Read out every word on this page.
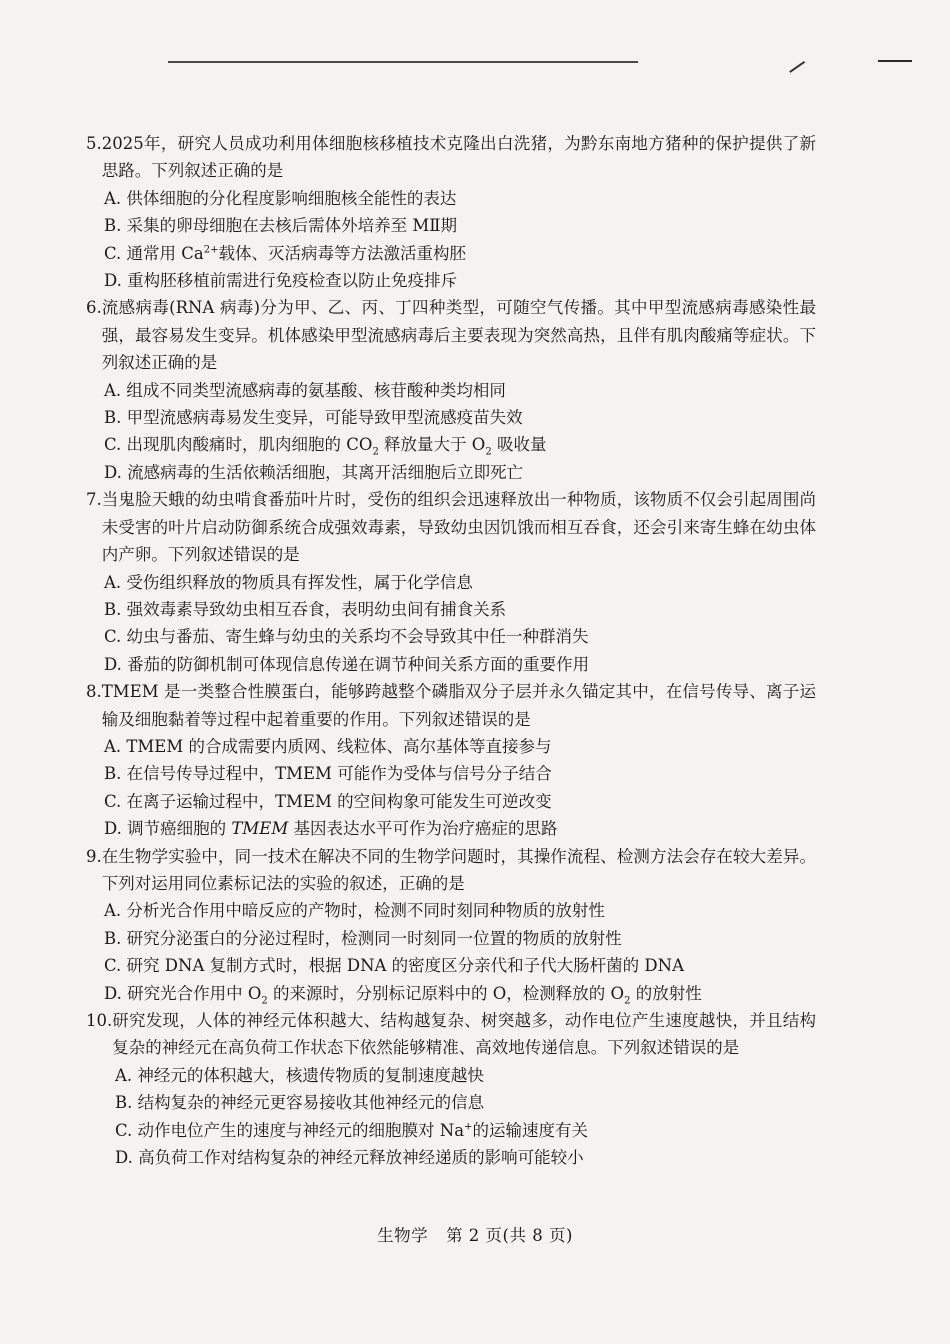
5. 2025年，研究人员成功利用体细胞核移植技术克隆出白洗猪，为黔东南地方猪种的保护提供了新思路。下列叙述正确的是
A. 供体细胞的分化程度影响细胞核全能性的表达
B. 采集的卵母细胞在去核后需体外培养至 MⅡ期
C. 通常用 $Ca^{2+}$载体、灭活病毒等方法激活重构胚
D. 重构胚移植前需进行免疫检查以防止免疫排斥
6. 流感病毒(RNA 病毒)分为甲、乙、丙、丁四种类型，可随空气传播。其中甲型流感病毒感染性最强，最容易发生变异。机体感染甲型流感病毒后主要表现为突然高热，且伴有肌肉酸痛等症状。下列叙述正确的是
A. 组成不同类型流感病毒的氨基酸、核苷酸种类均相同
B. 甲型流感病毒易发生变异，可能导致甲型流感疫苗失效
C. 出现肌肉酸痛时，肌肉细胞的 $CO_2$ 释放量大于 $O_2$ 吸收量
D. 流感病毒的生活依赖活细胞，其离开活细胞后立即死亡
7. 当鬼脸天蛾的幼虫啃食番茄叶片时，受伤的组织会迅速释放出一种物质，该物质不仅会引起周围尚未受害的叶片启动防御系统合成强效毒素，导致幼虫因饥饿而相互吞食，还会引来寄生蜂在幼虫体内产卵。下列叙述错误的是
A. 受伤组织释放的物质具有挥发性，属于化学信息
B. 强效毒素导致幼虫相互吞食，表明幼虫间有捕食关系
C. 幼虫与番茄、寄生蜂与幼虫的关系均不会导致其中任一种群消失
D. 番茄的防御机制可体现信息传递在调节种间关系方面的重要作用
8. TMEM 是一类整合性膜蛋白，能够跨越整个磷脂双分子层并永久锚定其中，在信号传导、离子运输及细胞黏着等过程中起着重要的作用。下列叙述错误的是
A. TMEM 的合成需要内质网、线粒体、高尔基体等直接参与
B. 在信号传导过程中，TMEM 可能作为受体与信号分子结合
C. 在离子运输过程中，TMEM 的空间构象可能发生可逆改变
D. 调节癌细胞的 TMEM 基因表达水平可作为治疗癌症的思路
9. 在生物学实验中，同一技术在解决不同的生物学问题时，其操作流程、检测方法会存在较大差异。下列对运用同位素标记法的实验的叙述，正确的是
A. 分析光合作用中暗反应的产物时，检测不同时刻同种物质的放射性
B. 研究分泌蛋白的分泌过程时，检测同一时刻同一位置的物质的放射性
C. 研究 DNA 复制方式时，根据 DNA 的密度区分亲代和子代大肠杆菌的 DNA
D. 研究光合作用中 $O_2$ 的来源时，分别标记原料中的 O，检测释放的 $O_2$ 的放射性
10. 研究发现，人体的神经元体积越大、结构越复杂、树突越多，动作电位产生速度越快，并且结构复杂的神经元在高负荷工作状态下依然能够精准、高效地传递信息。下列叙述错误的是
A. 神经元的体积越大，核遗传物质的复制速度越快
B. 结构复杂的神经元更容易接收其他神经元的信息
C. 动作电位产生的速度与神经元的细胞膜对 Na+的运输速度有关
D. 高负荷工作对结构复杂的神经元释放神经递质的影响可能较小
生物学 第 2 页(共 8 页)
